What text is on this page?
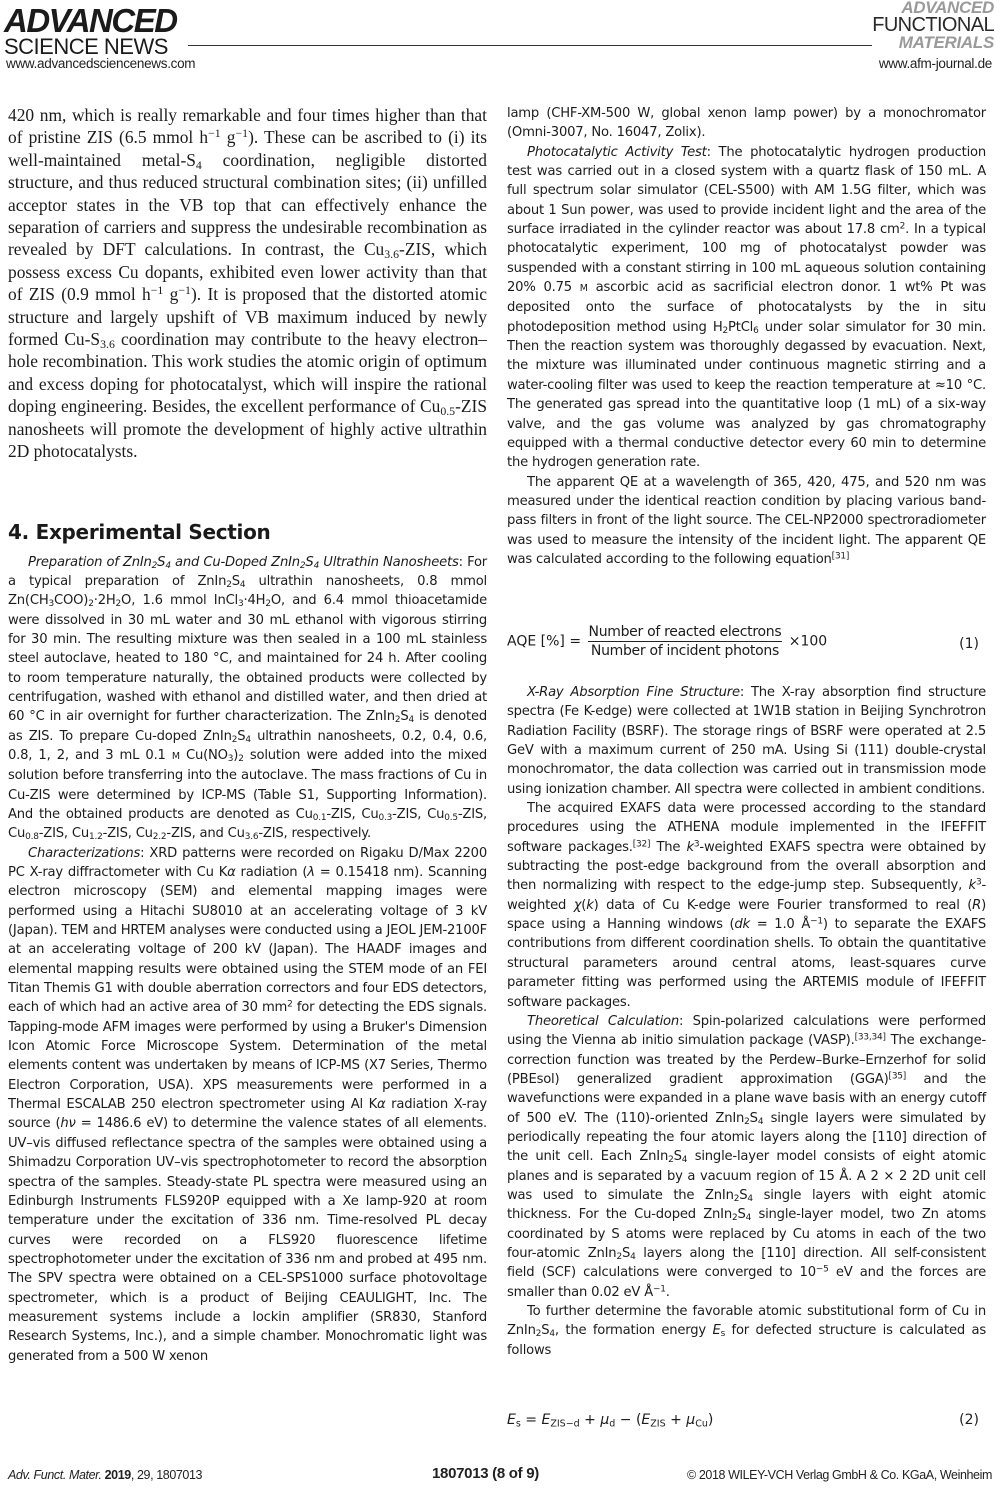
ADVANCED
SCIENCE NEWS
ADVANCED
FUNCTIONAL
MATERIALS
www.advancedsciencenews.com	www.afm-journal.de

420 nm, which is really remarkable and four times higher than that of pristine ZIS (6.5 mmol $h^{-1}$ $g^{-1}$). These can be ascribed to (i) its well-maintained metal-$S_4$ coordination, negligible distorted structure, and thus reduced structural combination sites; (ii) unfilled acceptor states in the VB top that can effectively enhance the separation of carriers and suppress the undesirable recombination as revealed by DFT calculations. In contrast, the $Cu_{3.6}$-ZIS, which possess excess Cu dopants, exhibited even lower activity than that of ZIS (0.9 mmol $h^{-1}$ $g^{-1}$). It is proposed that the distorted atomic structure and largely upshift of VB maximum induced by newly formed $Cu-S_{3.6}$ coordination may contribute to the heavy electron–hole recombination. This work studies the atomic origin of optimum and excess doping for photocatalyst, which will inspire the rational doping engineering. Besides, the excellent performance of $Cu_{0.5}$-ZIS nanosheets will promote the development of highly active ultrathin 2D photocatalysts.

4. Experimental Section

Preparation of $ZnIn_2S_4$ and Cu-Doped $ZnIn_2S_4$ Ultrathin Nanosheets: For a typical preparation of $ZnIn_2S_4$ ultrathin nanosheets, 0.8 mmol $Zn(CH_3COO)_2\cdot 2H_2O$, 1.6 mmol $InCl_3\cdot 4H_2O$, and 6.4 mmol thioacetamide were dissolved in 30 mL water and 30 mL ethanol with vigorous stirring for 30 min. The resulting mixture was then sealed in a 100 mL stainless steel autoclave, heated to 180 °C, and maintained for 24 h. After cooling to room temperature naturally, the obtained products were collected by centrifugation, washed with ethanol and distilled water, and then dried at 60 °C in air overnight for further characterization. The $ZnIn_2S_4$ is denoted as ZIS. To prepare Cu-doped $ZnIn_2S_4$ ultrathin nanosheets, 0.2, 0.4, 0.6, 0.8, 1, 2, and 3 mL 0.1 M $Cu(NO_3)_2$ solution were added into the mixed solution before transferring into the autoclave. The mass fractions of Cu in Cu-ZIS were determined by ICP-MS (Table S1, Supporting Information). And the obtained products are denoted as $Cu_{0.1}$-ZIS, $Cu_{0.3}$-ZIS, $Cu_{0.5}$-ZIS, $Cu_{0.8}$-ZIS, $Cu_{1.2}$-ZIS, $Cu_{2.2}$-ZIS, and $Cu_{3.6}$-ZIS, respectively.

Characterizations: XRD patterns were recorded on Rigaku D/Max 2200 PC X-ray diffractometer with Cu Kα radiation (λ = 0.15418 nm). Scanning electron microscopy (SEM) and elemental mapping images were performed using a Hitachi SU8010 at an accelerating voltage of 3 kV (Japan). TEM and HRTEM analyses were conducted using a JEOL JEM-2100F at an accelerating voltage of 200 kV (Japan). The HAADF images and elemental mapping results were obtained using the STEM mode of an FEI Titan Themis G1 with double aberration correctors and four EDS detectors, each of which had an active area of 30 $mm^2$ for detecting the EDS signals. Tapping-mode AFM images were performed by using a Bruker's Dimension Icon Atomic Force Microscope System. Determination of the metal elements content was undertaken by means of ICP-MS (X7 Series, Thermo Electron Corporation, USA). XPS measurements were performed in a Thermal ESCALAB 250 electron spectrometer using Al Kα radiation X-ray source (hν = 1486.6 eV) to determine the valence states of all elements. UV–vis diffused reflectance spectra of the samples were obtained using a Shimadzu Corporation UV–vis spectrophotometer to record the absorption spectra of the samples. Steady-state PL spectra were measured using an Edinburgh Instruments FLS920P equipped with a Xe lamp-920 at room temperature under the excitation of 336 nm. Time-resolved PL decay curves were recorded on a FLS920 fluorescence lifetime spectrophotometer under the excitation of 336 nm and probed at 495 nm. The SPV spectra were obtained on a CEL-SPS1000 surface photovoltage spectrometer, which is a product of Beijing CEAULIGHT, Inc. The measurement systems include a lockin amplifier (SR830, Stanford Research Systems, Inc.), and a simple chamber. Monochromatic light was generated from a 500 W xenon

lamp (CHF-XM-500 W, global xenon lamp power) by a monochromator (Omni-3007, No. 16047, Zolix).

Photocatalytic Activity Test: The photocatalytic hydrogen production test was carried out in a closed system with a quartz flask of 150 mL. A full spectrum solar simulator (CEL-S500) with AM 1.5G filter, which was about 1 Sun power, was used to provide incident light and the area of the surface irradiated in the cylinder reactor was about 17.8 $cm^2$. In a typical photocatalytic experiment, 100 mg of photocatalyst powder was suspended with a constant stirring in 100 mL aqueous solution containing 20% 0.75 M ascorbic acid as sacrificial electron donor. 1 wt% Pt was deposited onto the surface of photocatalysts by the in situ photodeposition method using $H_2PtCl_6$ under solar simulator for 30 min. Then the reaction system was thoroughly degassed by evacuation. Next, the mixture was illuminated under continuous magnetic stirring and a water-cooling filter was used to keep the reaction temperature at ≈10 °C. The generated gas spread into the quantitative loop (1 mL) of a six-way valve, and the gas volume was analyzed by gas chromatography equipped with a thermal conductive detector every 60 min to determine the hydrogen generation rate.

The apparent QE at a wavelength of 365, 420, 475, and 520 nm was measured under the identical reaction condition by placing various band-pass filters in front of the light source. The CEL-NP2000 spectroradiometer was used to measure the intensity of the incident light. The apparent QE was calculated according to the following equation[31]

AQE [%] = $\frac{\text{Number of reacted electrons}}{\text{Number of incident photons}} \times 100$	(1)

X-Ray Absorption Fine Structure: The X-ray absorption find structure spectra (Fe K-edge) were collected at 1W1B station in Beijing Synchrotron Radiation Facility (BSRF). The storage rings of BSRF were operated at 2.5 GeV with a maximum current of 250 mA. Using Si (111) double-crystal monochromator, the data collection was carried out in transmission mode using ionization chamber. All spectra were collected in ambient conditions.

The acquired EXAFS data were processed according to the standard procedures using the ATHENA module implemented in the IFEFFIT software packages.[32] The $k^3$-weighted EXAFS spectra were obtained by subtracting the post-edge background from the overall absorption and then normalizing with respect to the edge-jump step. Subsequently, $k^3$-weighted χ(k) data of Cu K-edge were Fourier transformed to real (R) space using a Hanning windows (dk = 1.0 $Å^{-1}$) to separate the EXAFS contributions from different coordination shells. To obtain the quantitative structural parameters around central atoms, least-squares curve parameter fitting was performed using the ARTEMIS module of IFEFFIT software packages.

Theoretical Calculation: Spin-polarized calculations were performed using the Vienna ab initio simulation package (VASP).[33,34] The exchange-correction function was treated by the Perdew–Burke–Ernzerhof for solid (PBEsol) generalized gradient approximation (GGA)[35] and the wavefunctions were expanded in a plane wave basis with an energy cutoff of 500 eV. The (110)-oriented $ZnIn_2S_4$ single layers were simulated by periodically repeating the four atomic layers along the [110] direction of the unit cell. Each $ZnIn_2S_4$ single-layer model consists of eight atomic planes and is separated by a vacuum region of 15 Å. A 2 × 2 2D unit cell was used to simulate the $ZnIn_2S_4$ single layers with eight atomic thickness. For the Cu-doped $ZnIn_2S_4$ single-layer model, two Zn atoms coordinated by S atoms were replaced by Cu atoms in each of the two four-atomic $ZnIn_2S_4$ layers along the [110] direction. All self-consistent field (SCF) calculations were converged to $10^{-5}$ eV and the forces are smaller than 0.02 eV $Å^{-1}$.

To further determine the favorable atomic substitutional form of Cu in $ZnIn_2S_4$, the formation energy $E_s$ for defected structure is calculated as follows

$E_s = E_{ZIS-d} + \mu_d - (E_{ZIS} + \mu_{Cu})$	(2)
Adv. Funct. Mater. 2019, 29, 1807013	1807013 (8 of 9)	© 2018 WILEY-VCH Verlag GmbH & Co. KGaA, Weinheim
